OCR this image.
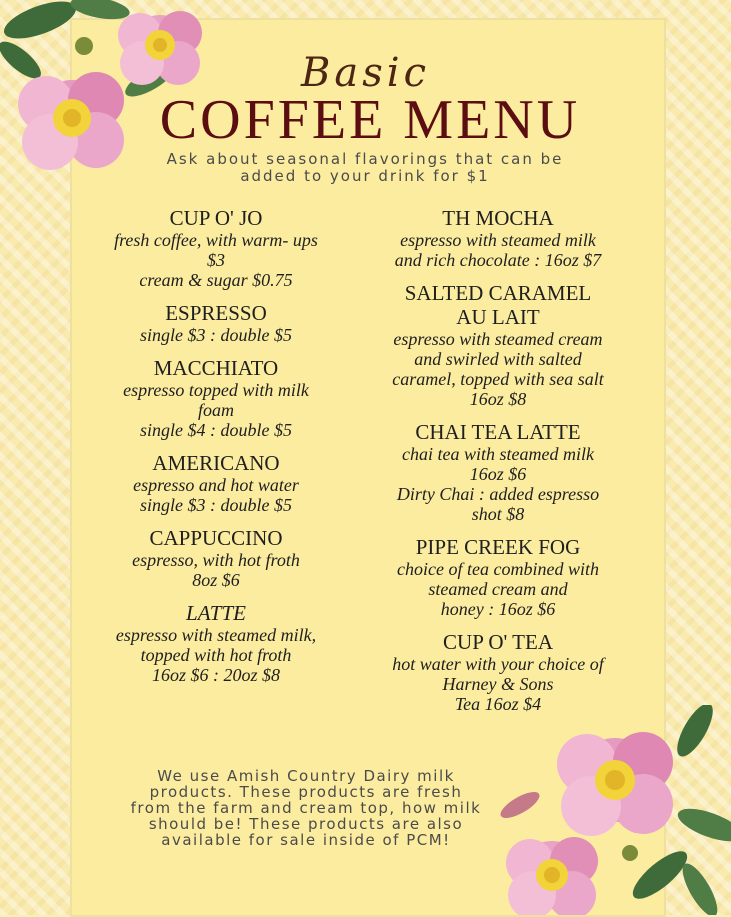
Basic
COFFEE MENU
Ask about seasonal flavorings that can be
added to your drink for $1
CUP O' JO
fresh coffee, with warm- ups
$3
cream & sugar $0.75
ESPRESSO
single $3 : double $5
MACCHIATO
espresso topped with milk
foam
single $4 : double $5
AMERICANO
espresso and hot water
single $3 : double $5
CAPPUCCINO
espresso, with hot froth
8oz $6
LATTE
espresso with steamed milk,
topped with hot froth
16oz $6 : 20oz $8
TH MOCHA
espresso with steamed milk
and rich chocolate : 16oz $7
SALTED CARAMEL
AU LAIT
espresso with steamed cream
and swirled with salted
caramel, topped with sea salt
16oz $8
CHAI TEA LATTE
chai tea with steamed milk
16oz $6
Dirty Chai : added espresso
shot $8
PIPE CREEK FOG
choice of tea combined with
steamed cream and
honey : 16oz $6
CUP O' TEA
hot water with your choice of
Harney & Sons
Tea 16oz $4
We use Amish Country Dairy milk
products. These products are fresh
from the farm and cream top, how milk
should be! These products are also
available for sale inside of PCM!
